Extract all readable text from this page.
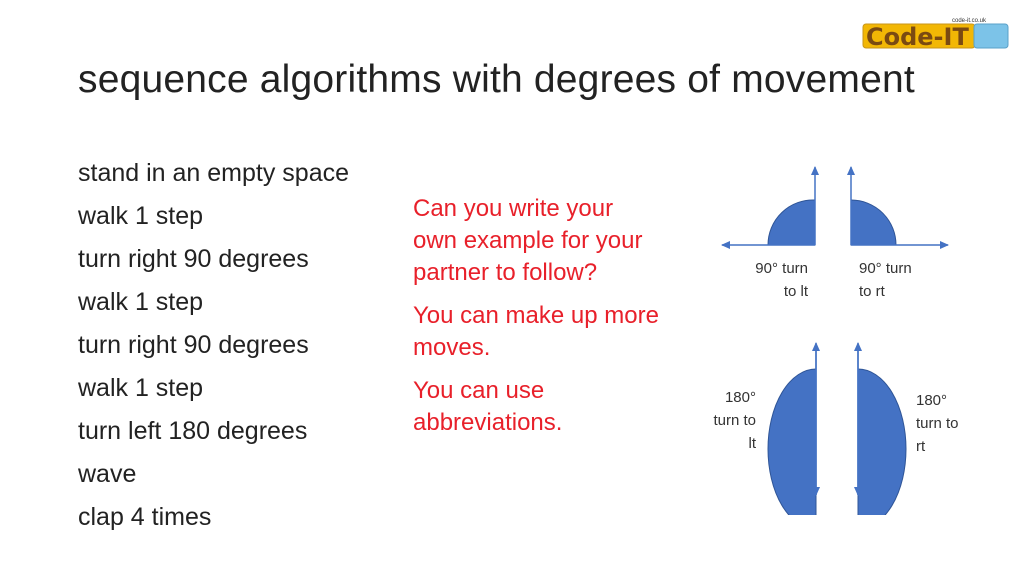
Code-IT
code-it.co.uk
sequence algorithms with degrees of movement
stand in an empty space
walk 1 step
turn right 90 degrees
walk 1 step
turn right 90 degrees
walk 1 step
turn left 180 degrees
wave
clap 4 times

Can you write your own example for your partner to follow?

You can make up more moves.

You can use abbreviations.

90° turn
to lt
90° turn
to rt
180°
turn to
lt
180°
turn to
rt
